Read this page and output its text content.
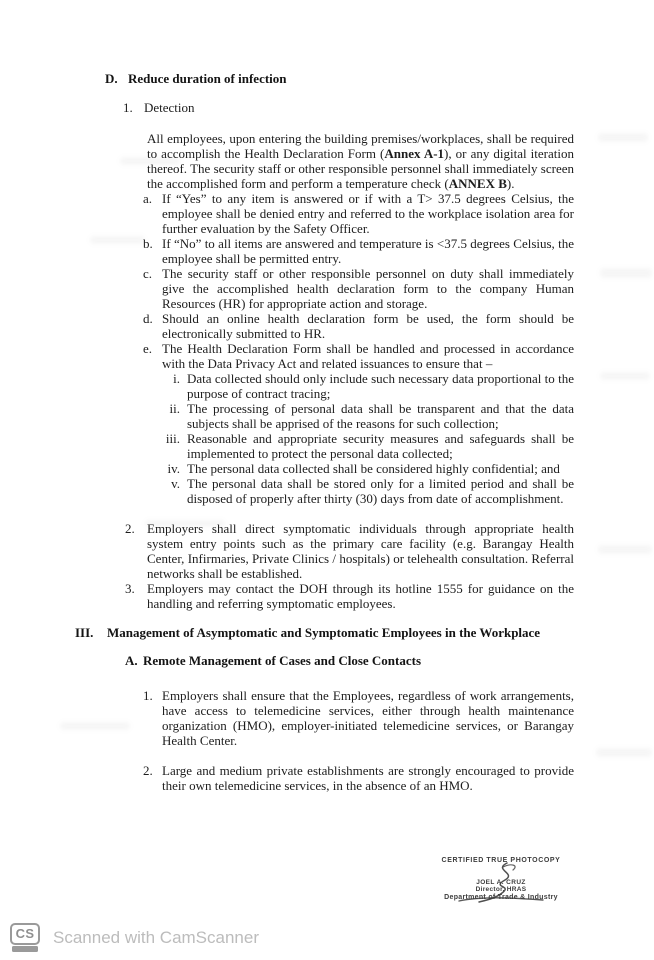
D. Reduce duration of infection
1. Detection

All employees, upon entering the building premises/workplaces, shall be required to accomplish the Health Declaration Form (Annex A-1), or any digital iteration thereof. The security staff or other responsible personnel shall immediately screen the accomplished form and perform a temperature check (ANNEX B).

a. If “Yes” to any item is answered or if with a T> 37.5 degrees Celsius, the employee shall be denied entry and referred to the workplace isolation area for further evaluation by the Safety Officer.
b. If “No” to all items are answered and temperature is <37.5 degrees Celsius, the employee shall be permitted entry.
c. The security staff or other responsible personnel on duty shall immediately give the accomplished health declaration form to the company Human Resources (HR) for appropriate action and storage.
d. Should an online health declaration form be used, the form should be electronically submitted to HR.
e. The Health Declaration Form shall be handled and processed in accordance with the Data Privacy Act and related issuances to ensure that –
i. Data collected should only include such necessary data proportional to the purpose of contract tracing;
ii. The processing of personal data shall be transparent and that the data subjects shall be apprised of the reasons for such collection;
iii. Reasonable and appropriate security measures and safeguards shall be implemented to protect the personal data collected;
iv. The personal data collected shall be considered highly confidential; and
v. The personal data shall be stored only for a limited period and shall be disposed of properly after thirty (30) days from date of accomplishment.
2. Employers shall direct symptomatic individuals through appropriate health system entry points such as the primary care facility (e.g. Barangay Health Center, Infirmaries, Private Clinics / hospitals) or telehealth consultation. Referral networks shall be established.
3. Employers may contact the DOH through its hotline 1555 for guidance on the handling and referring symptomatic employees.
III.	Management of Asymptomatic and Symptomatic Employees in the Workplace
A. Remote Management of Cases and Close Contacts
1. Employers shall ensure that the Employees, regardless of work arrangements, have access to telemedicine services, either through health maintenance organization (HMO), employer-initiated telemedicine services, or Barangay Health Center.
2. Large and medium private establishments are strongly encouraged to provide their own telemedicine services, in the absence of an HMO.
CERTIFIED TRUE PHOTOCOPY
JOEL A. CRUZ
Director, HRAS
Department of Trade & Industry
CS	Scanned with CamScanner
